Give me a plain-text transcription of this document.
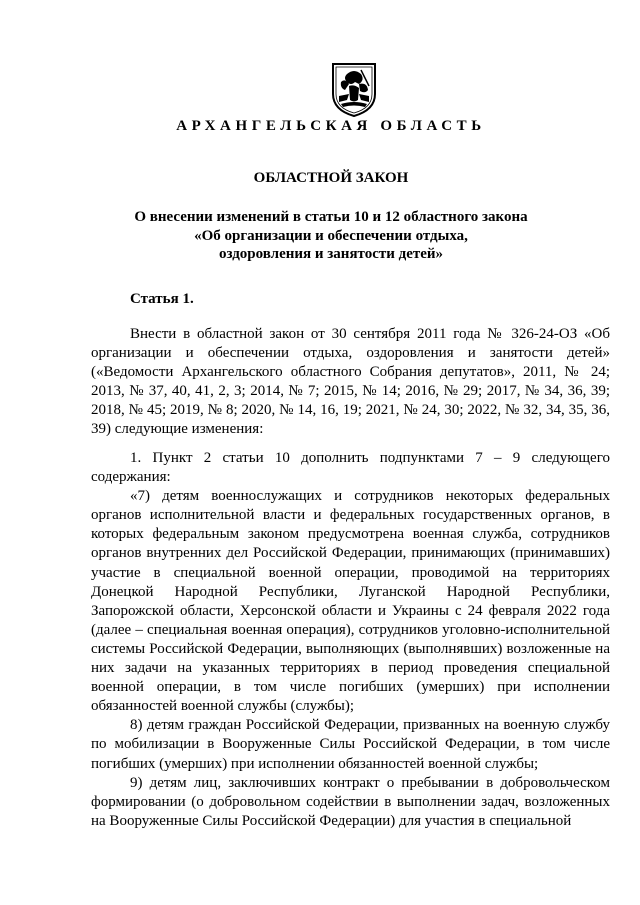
АРХАНГЕЛЬСКАЯ ОБЛАСТЬ
ОБЛАСТНОЙ ЗАКОН
О внесении изменений в статьи 10 и 12 областного закона
«Об организации и обеспечении отдыха,
оздоровления и занятости детей»
Статья 1.

Внести в областной закон от 30 сентября 2011 года № 326-24-ОЗ «Об организации и обеспечении отдыха, оздоровления и занятости детей» («Ведомости Архангельского областного Собрания депутатов», 2011, № 24; 2013, № 37, 40, 41, 2, 3; 2014, № 7; 2015, № 14; 2016, № 29; 2017, № 34, 36, 39; 2018, № 45; 2019, № 8; 2020, № 14, 16, 19; 2021, № 24, 30; 2022, № 32, 34, 35, 36, 39) следующие изменения:

1. Пункт 2 статьи 10 дополнить подпунктами 7 – 9 следующего содержания:

«7) детям военнослужащих и сотрудников некоторых федеральных органов исполнительной власти и федеральных государственных органов, в которых федеральным законом предусмотрена военная служба, сотрудников органов внутренних дел Российской Федерации, принимающих (принимавших) участие в специальной военной операции, проводимой на территориях Донецкой Народной Республики, Луганской Народной Республики, Запорожской области, Херсонской области и Украины с 24 февраля 2022 года (далее – специальная военная операция), сотрудников уголовно-исполнительной системы Российской Федерации, выполняющих (выполнявших) возложенные на них задачи на указанных территориях в период проведения специальной военной операции, в том числе погибших (умерших) при исполнении обязанностей военной службы (службы);

8) детям граждан Российской Федерации, призванных на военную службу по мобилизации в Вооруженные Силы Российской Федерации, в том числе погибших (умерших) при исполнении обязанностей военной службы;

9) детям лиц, заключивших контракт о пребывании в добровольческом формировании (о добровольном содействии в выполнении задач, возложенных на Вооруженные Силы Российской Федерации) для участия в специальной
